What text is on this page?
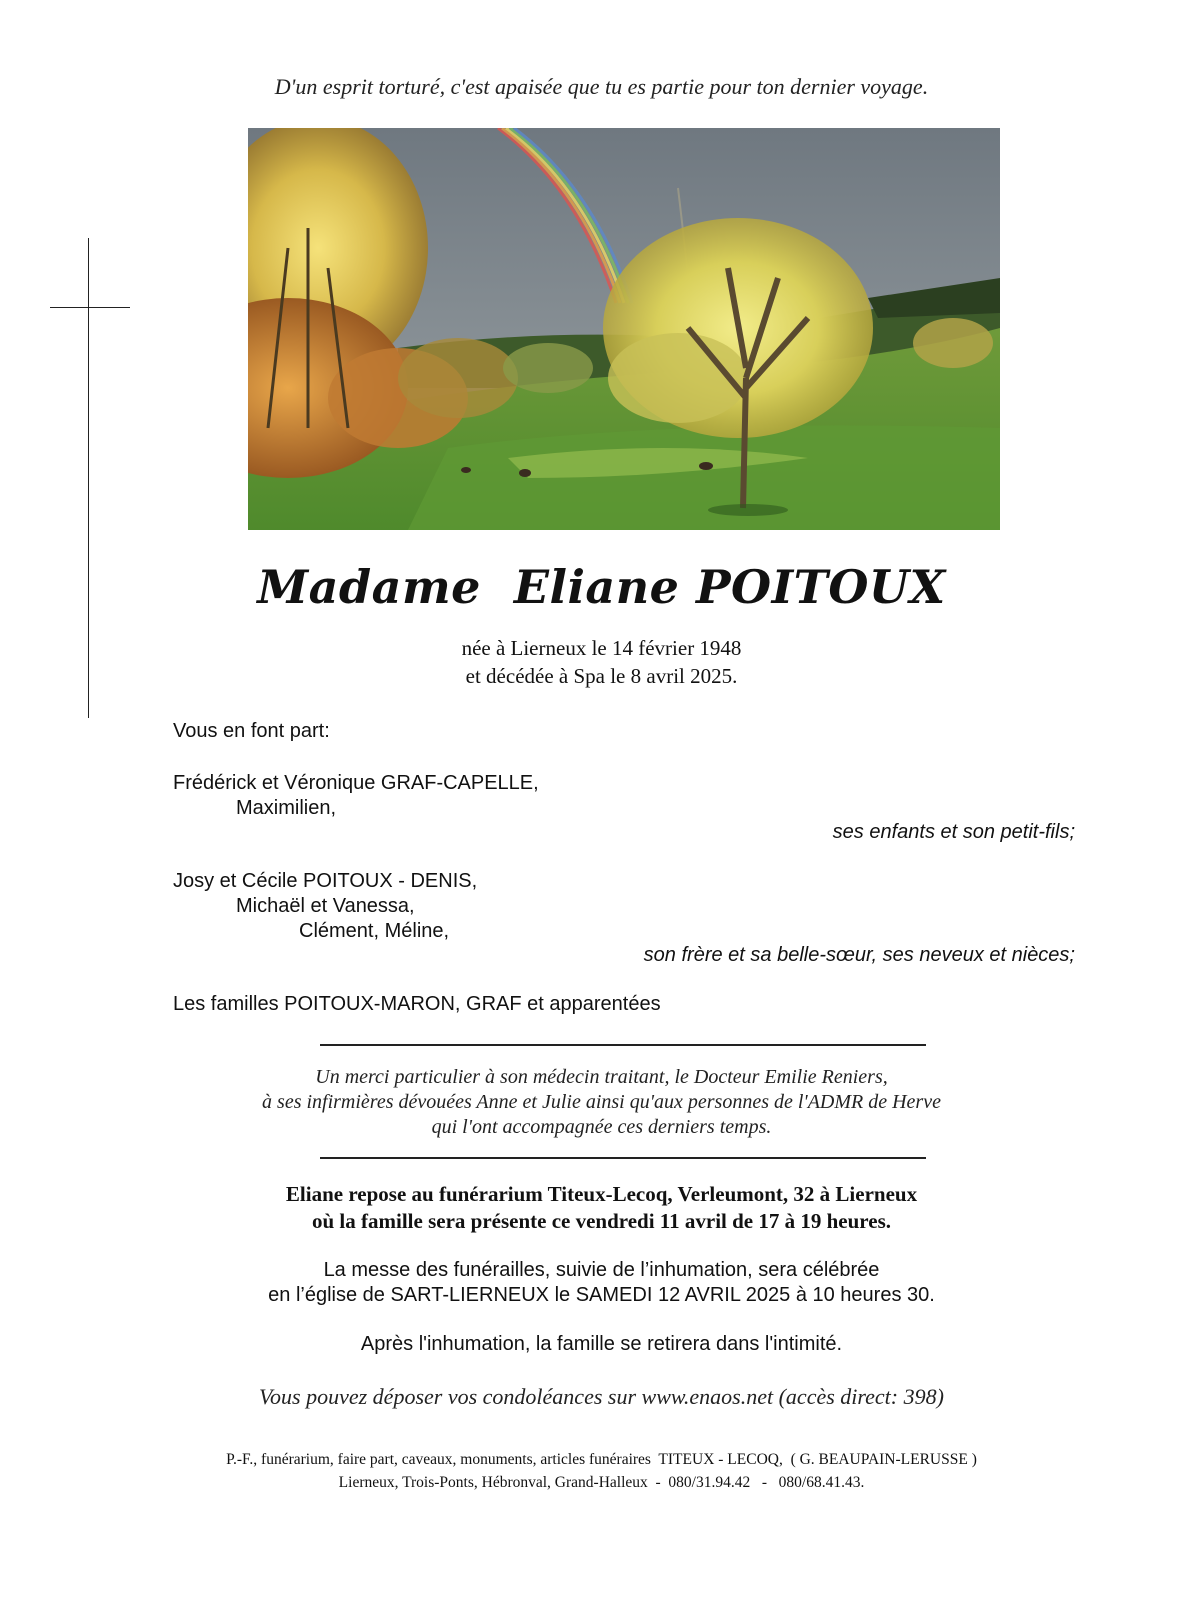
D'un esprit torturé, c'est apaisée que tu es partie pour ton dernier voyage.
Madame  Eliane POITOUX
née à Lierneux le 14 février 1948
et décédée à Spa le 8 avril 2025.
Vous en font part:
Frédérick et Véronique GRAF-CAPELLE,
Maximilien,
ses enfants et son petit-fils;
Josy et Cécile POITOUX - DENIS,
Michaël et Vanessa,
Clément, Méline,
son frère et sa belle-sœur, ses neveux et nièces;
Les familles POITOUX-MARON, GRAF et apparentées
Un merci particulier à son médecin traitant, le Docteur Emilie Reniers,
à ses infirmières dévouées Anne et Julie ainsi qu'aux personnes de l'ADMR de Herve
qui l'ont accompagnée ces derniers temps.
Eliane repose au funérarium Titeux-Lecoq, Verleumont, 32 à Lierneux
où la famille sera présente ce vendredi 11 avril de 17 à 19 heures.
La messe des funérailles, suivie de l’inhumation, sera célébrée
en l’église de SART-LIERNEUX le SAMEDI 12 AVRIL 2025 à 10 heures 30.
Après l'inhumation, la famille se retirera dans l'intimité.
Vous pouvez déposer vos condoléances sur www.enaos.net (accès direct: 398)
P.-F., funérarium, faire part, caveaux, monuments, articles funéraires  TITEUX - LECOQ,  ( G. BEAUPAIN-LERUSSE )
Lierneux, Trois-Ponts, Hébronval, Grand-Halleux  -  080/31.94.42   -   080/68.41.43.
